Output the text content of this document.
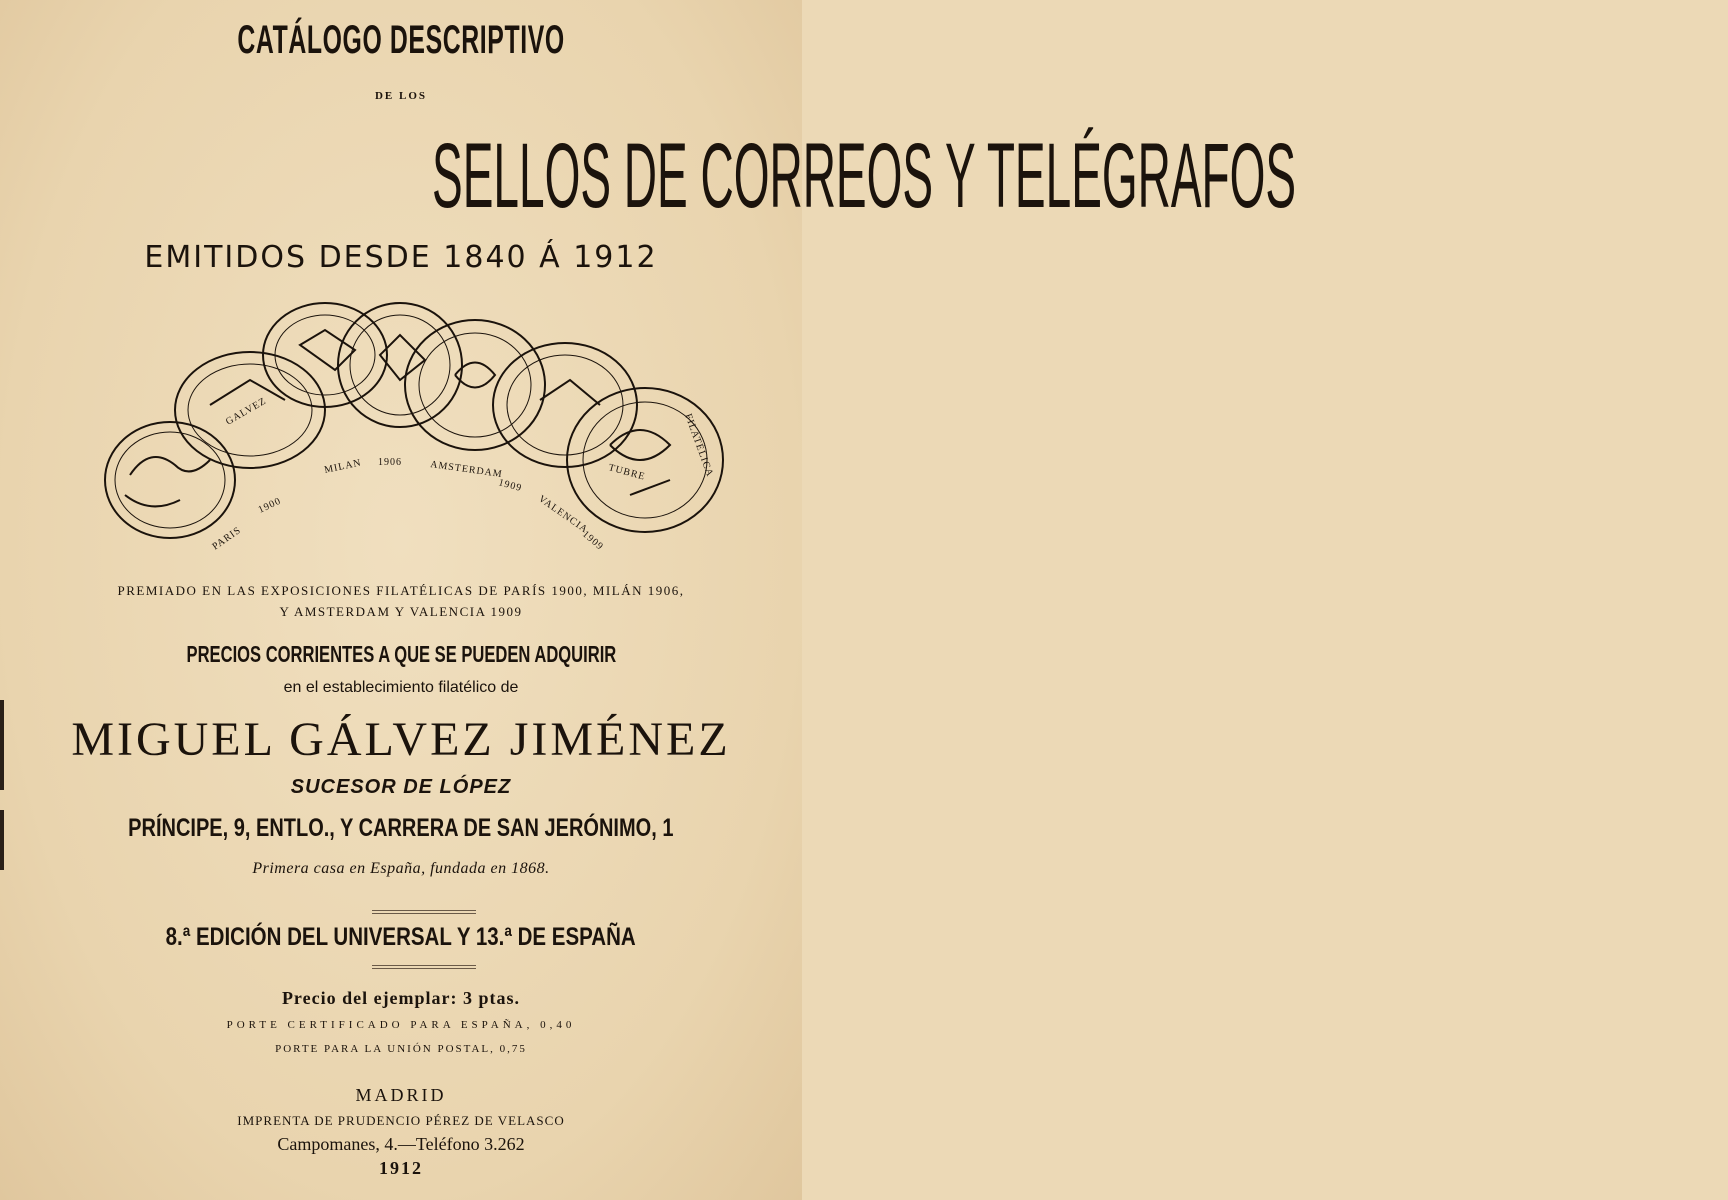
CATÁLOGO DESCRIPTIVO
DE LOS
SELLOS DE CORREOS Y TELÉGRAFOS
EMITIDOS DESDE 1840 Á 1912
MILAN 1906	AMSTERDAM
1909
VALENCIA
1909
PARIS
1900
FILATÉLICA
GALVEZ
TUBRE
PREMIADO EN LAS EXPOSICIONES FILATÉLICAS DE PARÍS 1900, MILÁN 1906,
Y AMSTERDAM Y VALENCIA 1909
PRECIOS CORRIENTES A QUE SE PUEDEN ADQUIRIR
en el establecimiento filatélico de
MIGUEL GÁLVEZ JIMÉNEZ
SUCESOR DE LÓPEZ
PRÍNCIPE, 9, ENTLO., Y CARRERA DE SAN JERÓNIMO, 1
Primera casa en España, fundada en 1868.
8.ª EDICIÓN DEL UNIVERSAL Y 13.ª DE ESPAÑA
Precio del ejemplar: 3 ptas.
PORTE CERTIFICADO PARA ESPAÑA, 0,40
PORTE PARA LA UNIÓN POSTAL, 0,75
MADRID
IMPRENTA DE PRUDENCIO PÉREZ DE VELASCO
Campomanes, 4.—Teléfono 3.262
1912
